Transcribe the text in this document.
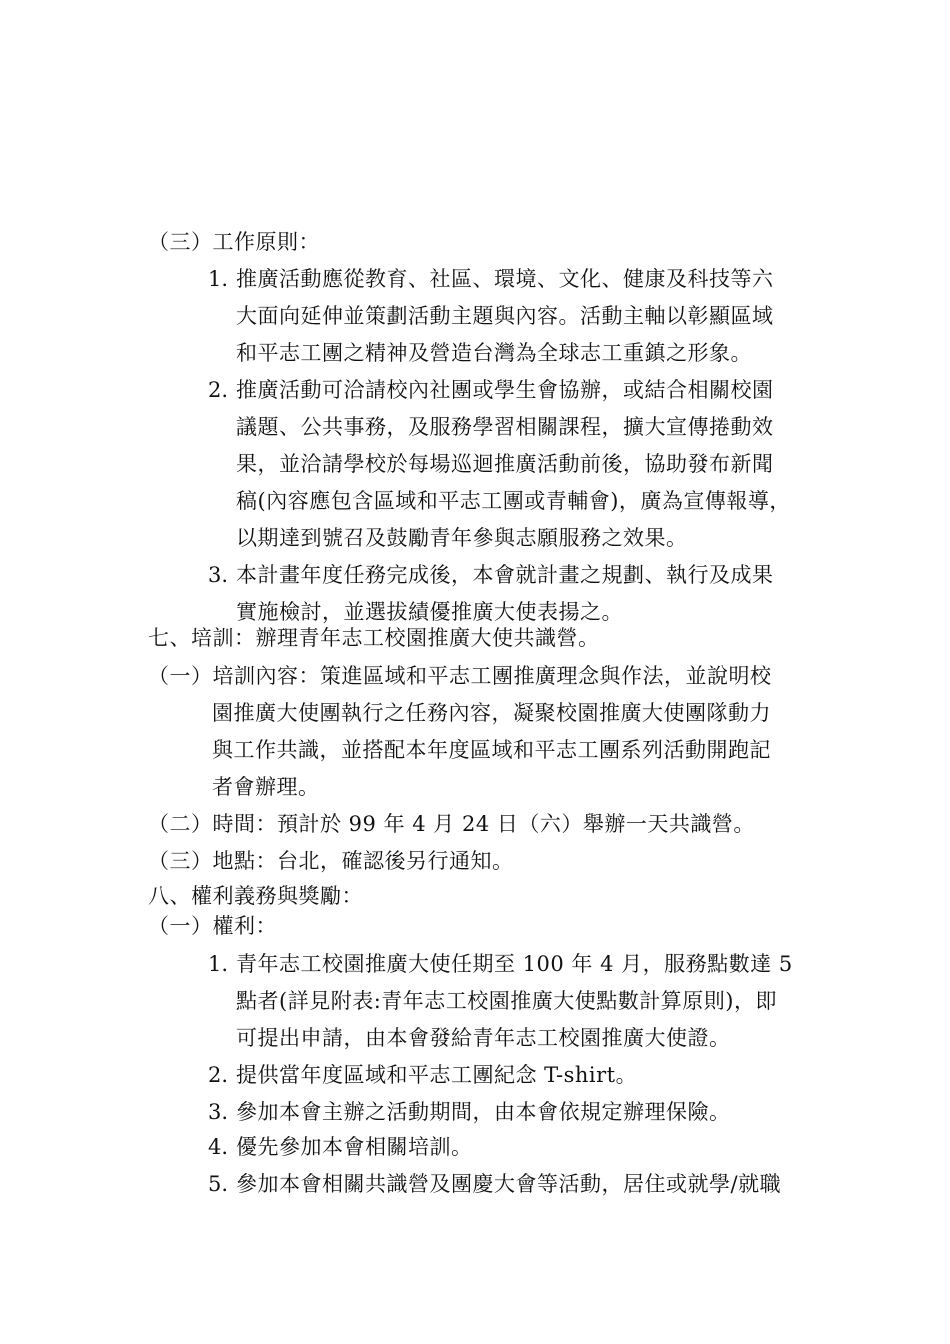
（三）工作原則：
1. 推廣活動應從教育、社區、環境、文化、健康及科技等六
大面向延伸並策劃活動主題與內容。活動主軸以彰顯區域
和平志工團之精神及營造台灣為全球志工重鎮之形象。
2. 推廣活動可洽請校內社團或學生會協辦，或結合相關校園
議題、公共事務，及服務學習相關課程，擴大宣傳捲動效
果，並洽請學校於每場巡迴推廣活動前後，協助發布新聞
稿(內容應包含區域和平志工團或青輔會)，廣為宣傳報導，
以期達到號召及鼓勵青年參與志願服務之效果。
3. 本計畫年度任務完成後，本會就計畫之規劃、執行及成果
實施檢討，並選拔績優推廣大使表揚之。
七、培訓：辦理青年志工校園推廣大使共識營。
（一）培訓內容：策進區域和平志工團推廣理念與作法，並說明校
園推廣大使團執行之任務內容，凝聚校園推廣大使團隊動力
與工作共識，並搭配本年度區域和平志工團系列活動開跑記
者會辦理。
（二）時間：預計於 99 年 4 月 24 日（六）舉辦一天共識營。
（三）地點：台北，確認後另行通知。
八、權利義務與獎勵：
（一）權利：
1. 青年志工校園推廣大使任期至 100 年 4 月，服務點數達 5
點者(詳見附表:青年志工校園推廣大使點數計算原則)，即
可提出申請，由本會發給青年志工校園推廣大使證。
2. 提供當年度區域和平志工團紀念 T-shirt。
3. 參加本會主辦之活動期間，由本會依規定辦理保險。
4. 優先參加本會相關培訓。
5. 參加本會相關共識營及團慶大會等活動，居住或就學/就職
